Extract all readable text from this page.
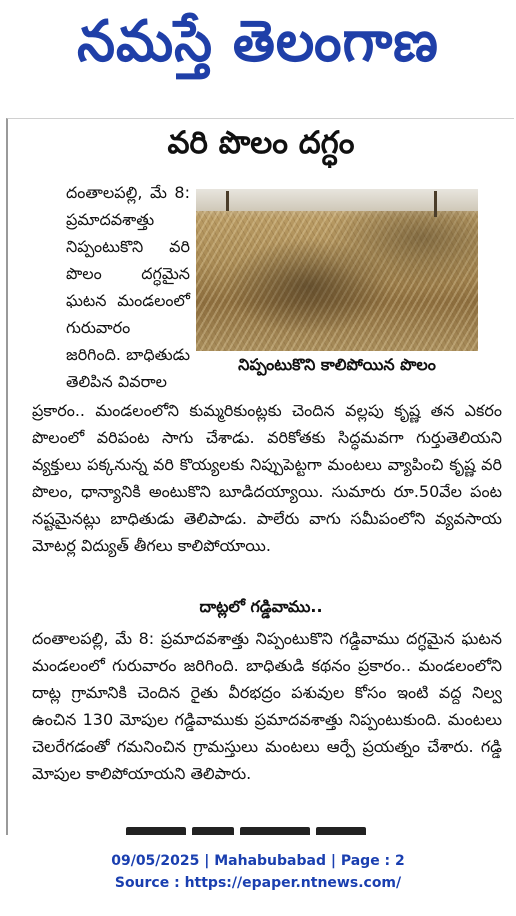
నమస్తే తెలంగాణ
వరి పొలం దగ్ధం
నిప్పంటుకొని కాలిపోయిన పొలం

దంతాలపల్లి, మే 8: ప్రమాదవశాత్తు నిప్పంటుకొని వరి పొలం దగ్ధమైన ఘటన మండలంలో గురువారం జరిగింది. బాధితుడు తెలిపిన వివరాల

ప్రకారం.. మండలంలోని కుమ్మరికుంట్లకు చెందిన వల్లపు కృష్ణ తన ఎకరం పొలంలో వరిపంట సాగు చేశాడు. వరికోతకు సిద్ధమవగా గుర్తుతెలియని వ్యక్తులు పక్కనున్న వరి కొయ్యలకు నిప్పుపెట్టగా మంటలు వ్యాపించి కృష్ణ వరి పొలం, ధాన్యానికి అంటుకొని బూడిదయ్యాయి. సుమారు రూ.50వేల పంట నష్టమైనట్లు బాధితుడు తెలిపాడు. పాలేరు వాగు సమీపంలోని వ్యవసాయ మోటర్ల విద్యుత్ తీగలు కాలిపోయాయి.

దాట్లలో గడ్డివాము..

దంతాలపల్లి, మే 8: ప్రమాదవశాత్తు నిప్పంటుకొని గడ్డివాము దగ్ధమైన ఘటన మండలంలో గురువారం జరిగింది. బాధితుడి కథనం ప్రకారం.. మండలంలోని దాట్ల గ్రామానికి చెందిన రైతు వీరభద్రం పశువుల కోసం ఇంటి వద్ద నిల్వ ఉంచిన 130 మోపుల గడ్డివాముకు ప్రమాదవశాత్తు నిప్పంటుకుంది. మంటలు చెలరేగడంతో గమనించిన గ్రామస్తులు మంటలు ఆర్పే ప్రయత్నం చేశారు. గడ్డి మోపుల కాలిపోయాయని తెలిపారు.

09/05/2025 | Mahabubabad | Page : 2
Source : https://epaper.ntnews.com/
